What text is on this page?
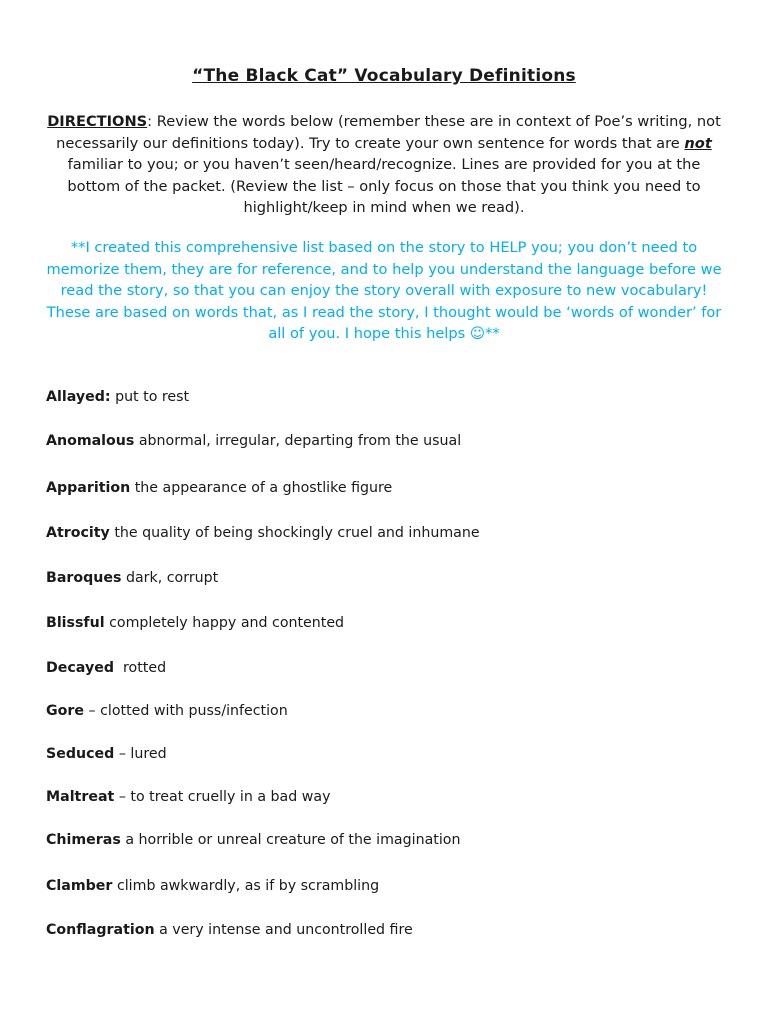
“The Black Cat” Vocabulary Definitions
DIRECTIONS: Review the words below (remember these are in context of Poe’s writing, not necessarily our definitions today). Try to create your own sentence for words that are not familiar to you; or you haven’t seen/heard/recognize. Lines are provided for you at the bottom of the packet. (Review the list – only focus on those that you think you need to highlight/keep in mind when we read).
**I created this comprehensive list based on the story to HELP you; you don’t need to memorize them, they are for reference, and to help you understand the language before we read the story, so that you can enjoy the story overall with exposure to new vocabulary! These are based on words that, as I read the story, I thought would be ‘words of wonder’ for all of you. I hope this helps ☺**
Allayed: put to rest
Anomalous abnormal, irregular, departing from the usual
Apparition the appearance of a ghostlike figure
Atrocity the quality of being shockingly cruel and inhumane
Baroques dark, corrupt
Blissful completely happy and contented
Decayed  rotted
Gore – clotted with puss/infection
Seduced – lured
Maltreat – to treat cruelly in a bad way
Chimeras a horrible or unreal creature of the imagination
Clamber climb awkwardly, as if by scrambling
Conflagration a very intense and uncontrolled fire
